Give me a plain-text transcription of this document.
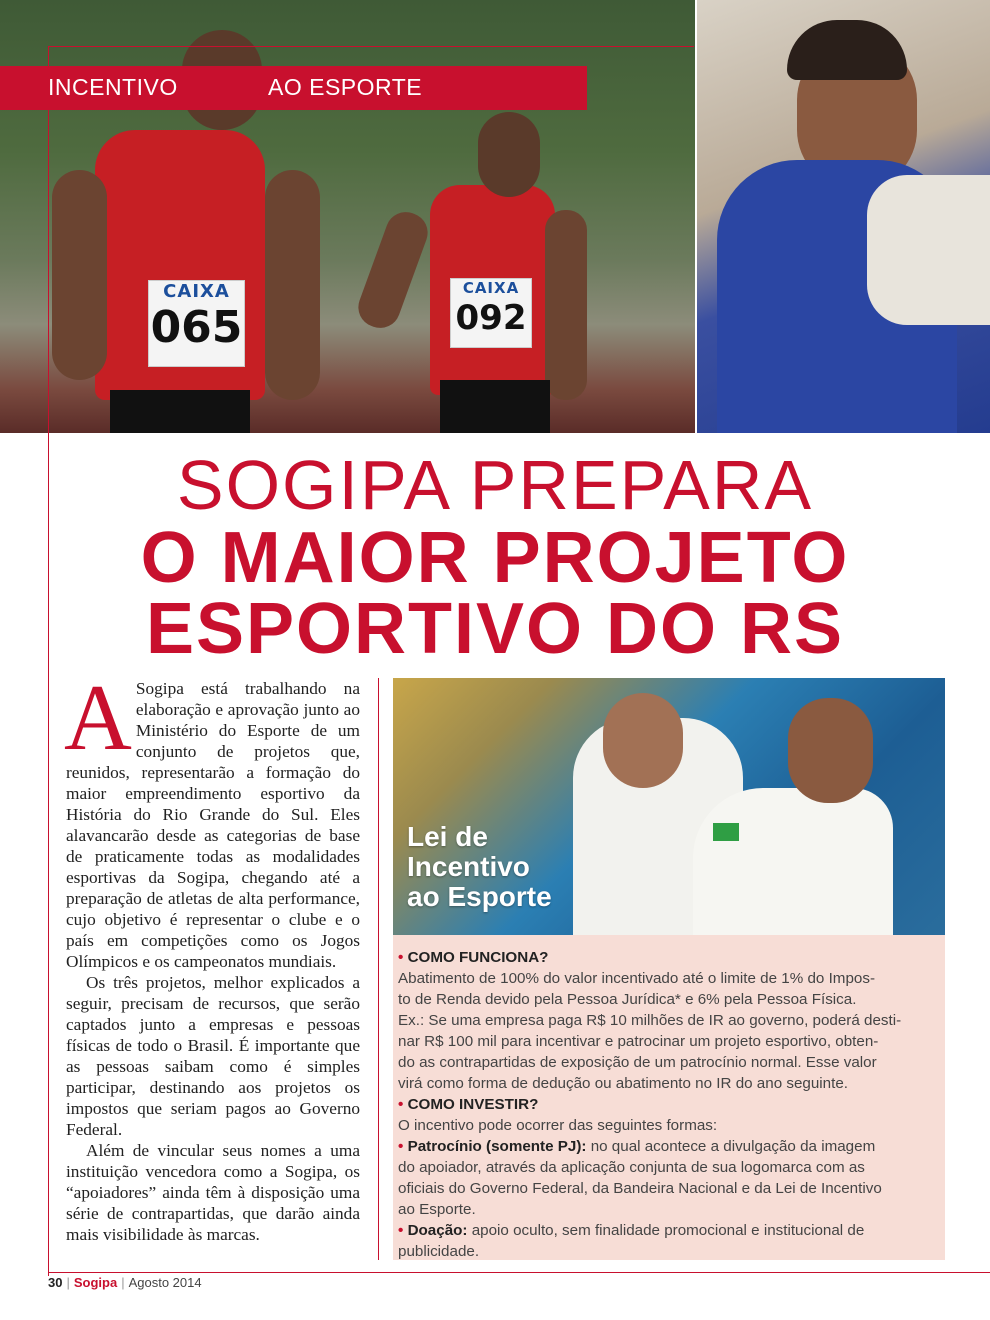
CAIXA
065
CAIXA
092
INCENTIVO	AO ESPORTE
SOGIPA PREPARA
O MAIOR PROJETO
ESPORTIVO DO RS

A Sogipa está trabalhando na elaboração e aprovação junto ao Ministério do Esporte de um conjunto de projetos que, reunidos, representarão a formação do maior empreendimento esportivo da História do Rio Grande do Sul. Eles alavancarão desde as categorias de base de praticamente todas as modalidades esportivas da Sogipa, chegando até a preparação de atletas de alta performance, cujo objetivo é representar o clube e o país em competições como os Jogos Olímpicos e os campeonatos mundiais.

Os três projetos, melhor explicados a seguir, precisam de recursos, que serão captados junto a empresas e pessoas físicas de todo o Brasil. É importante que as pessoas saibam como é simples participar, destinando aos projetos os impostos que seriam pagos ao Governo Federal.

Além de vincular seus nomes a uma instituição vencedora como a Sogipa, os “apoiadores” ainda têm à disposição uma série de contrapartidas, que darão ainda mais visibilidade às marcas.

Lei de
Incentivo
ao Esporte
• COMO FUNCIONA?
Abatimento de 100% do valor incentivado até o limite de 1% do Impos-
to de Renda devido pela Pessoa Jurídica* e 6% pela Pessoa Física.
Ex.: Se uma empresa paga R$ 10 milhões de IR ao governo, poderá desti-
nar R$ 100 mil para incentivar e patrocinar um projeto esportivo, obten-
do as contrapartidas de exposição de um patrocínio normal. Esse valor
virá como forma de dedução ou abatimento no IR do ano seguinte.
• COMO INVESTIR?
O incentivo pode ocorrer das seguintes formas:
• Patrocínio (somente PJ): no qual acontece a divulgação da imagem
do apoiador, através da aplicação conjunta de sua logomarca com as
oficiais do Governo Federal, da Bandeira Nacional e da Lei de Incentivo
ao Esporte.
• Doação: apoio oculto, sem finalidade promocional e institucional de
publicidade.
30 | Sogipa | Agosto 2014
